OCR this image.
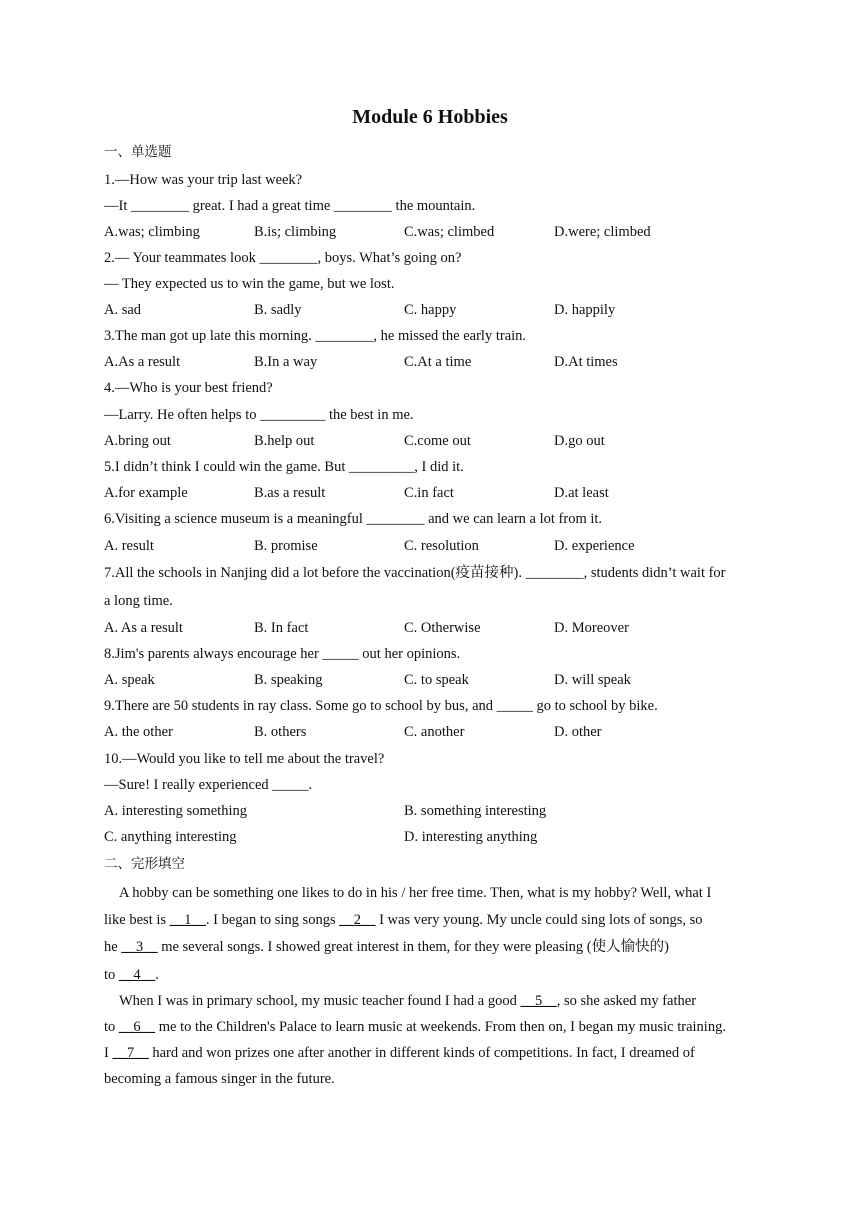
Module 6 Hobbies
一、单选题
1.—How was your trip last week?
—It ________ great. I had a great time ________ the mountain.
A.was; climbing	B.is; climbing	C.was; climbed	D.were; climbed
2.— Your teammates look ________, boys. What’s going on?
— They expected us to win the game, but we lost.
A. sad	B. sadly	C. happy	D. happily
3.The man got up late this morning. ________, he missed the early train.
A.As a result	B.In a way	C.At a time	D.At times
4.—Who is your best friend?
—Larry. He often helps to _________ the best in me.
A.bring out	B.help out	C.come out	D.go out
5.I didn’t think I could win the game. But _________, I did it.
A.for example	B.as a result	C.in fact	D.at least
6.Visiting a science museum is a meaningful ________ and we can learn a lot from it.
A. result	B. promise	C. resolution	D. experience
7.All the schools in Nanjing did a lot before the vaccination(疫苗接种). ________, students didn’t wait for
a long time.
A. As a result	B. In fact	C. Otherwise	D. Moreover
8.Jim's parents always encourage her _____ out her opinions.
A. speak	B. speaking	C. to speak	D. will speak
9.There are 50 students in ray class. Some go to school by bus, and _____ go to school by bike.
A. the other	B. others	C. another	D. other
10.—Would you like to tell me about the travel?
—Sure! I really experienced _____.
A. interesting something	B. something interesting
C. anything interesting	D. interesting anything
二、完形填空
A hobby can be something one likes to do in his / her free time. Then, what is my hobby? Well, what I
like best is __1__. I began to sing songs __2__ I was very young. My uncle could sing lots of songs, so
he __3__ me several songs. I showed great interest in them, for they were pleasing (使人愉快的)
to __4__.
When I was in primary school, my music teacher found I had a good __5__, so she asked my father
to __6__ me to the Children's Palace to learn music at weekends. From then on, I began my music training.
I __7__ hard and won prizes one after another in different kinds of competitions. In fact, I dreamed of
becoming a famous singer in the future.
